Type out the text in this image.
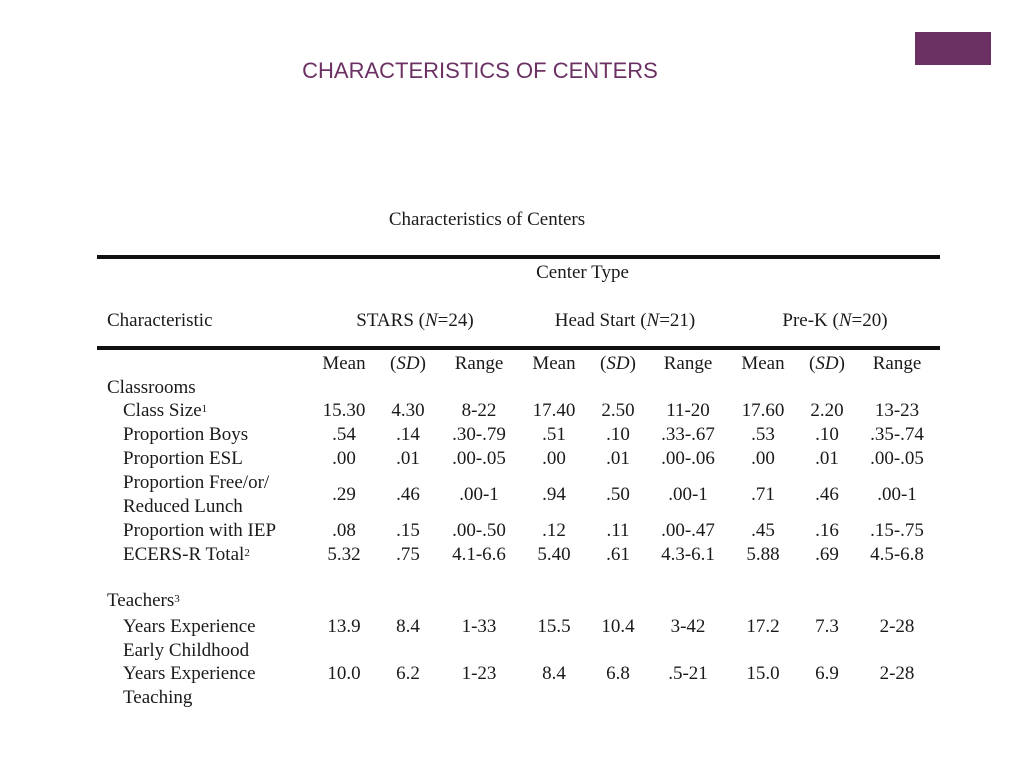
CHARACTERISTICS OF CENTERS
Characteristics of Centers
Center Type
Characteristic	STARS (N=24)	Head Start (N=21)	Pre-K (N=20)
Mean	(SD)	Range	Mean	(SD)	Range	Mean	(SD)	Range
Classrooms
Class Size$^1$	15.30	4.30	8-22	17.40	2.50	11-20	17.60	2.20	13-23
Proportion Boys	.54	.14	.30-.79	.51	.10	.33-.67	.53	.10	.35-.74
Proportion ESL	.00	.01	.00-.05	.00	.01	.00-.06	.00	.01	.00-.05
Proportion Free/or/
Reduced Lunch
.29	.46	.00-1	.94	.50	.00-1	.71	.46	.00-1
Proportion with IEP	.08	.15	.00-.50	.12	.11	.00-.47	.45	.16	.15-.75
ECERS-R Total$^2$	5.32	.75	4.1-6.6	5.40	.61	4.3-6.1	5.88	.69	4.5-6.8
Teachers$^3$
Years Experience
Early Childhood
13.9	8.4	1-33	15.5	10.4	3-42	17.2	7.3	2-28
Years Experience
Teaching
10.0	6.2	1-23	8.4	6.8	.5-21	15.0	6.9	2-28
